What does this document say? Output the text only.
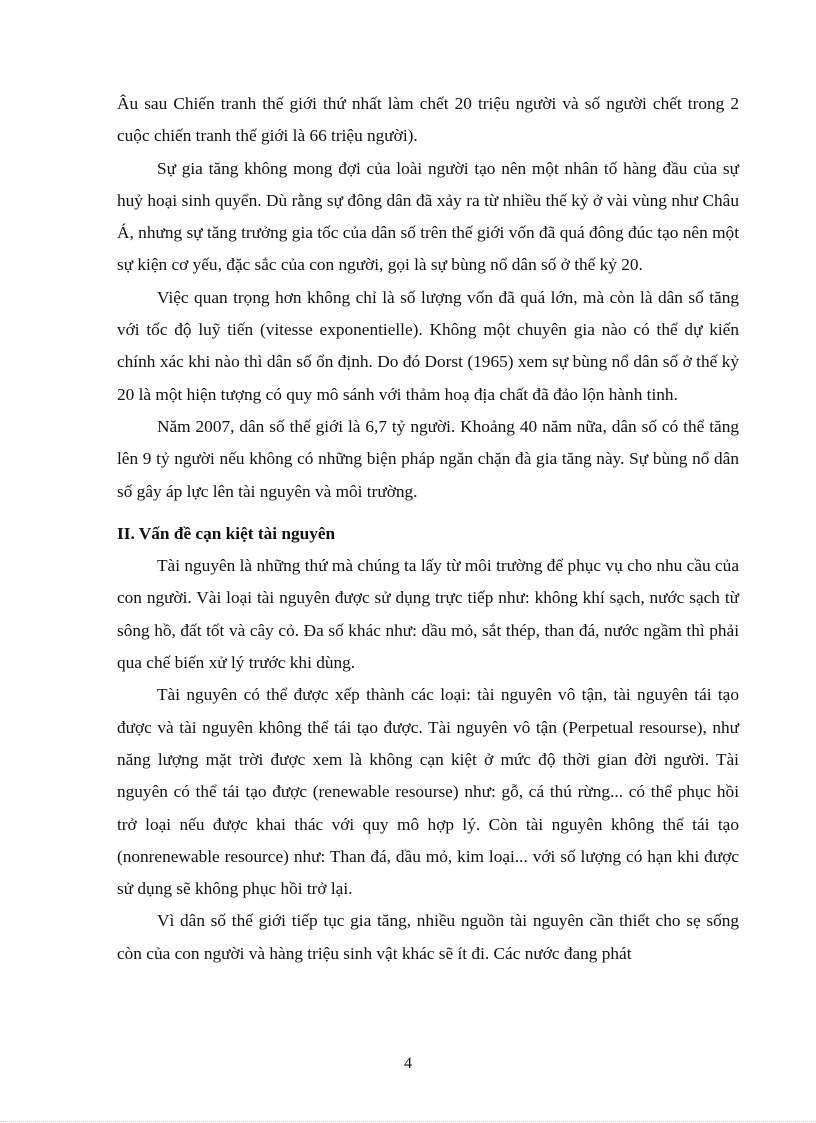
Âu sau Chiến tranh thế giới thứ nhất làm chết 20 triệu người và số người chết trong 2 cuộc chiến tranh thế giới là 66 triệu người).

Sự gia tăng không mong đợi của loài người tạo nên một nhân tố hàng đầu của sự huỷ hoại sinh quyển. Dù rằng sự đông dân đã xảy ra từ nhiều thế kỷ ở vài vùng như Châu Á, nhưng sự tăng trưởng gia tốc của dân số trên thế giới vốn đã quá đông đúc tạo nên một sự kiện cơ yếu, đặc sắc của con người, gọi là sự bùng nổ dân số ở thế kỷ 20.

Việc quan trọng hơn không chỉ là số lượng vốn đã quá lớn, mà còn là dân số tăng với tốc độ luỹ tiến (vitesse exponentielle). Không một chuyên gia nào có thể dự kiến chính xác khi nào thì dân số ổn định. Do đó Dorst (1965) xem sự bùng nổ dân số ở thế kỷ 20 là một hiện tượng có quy mô sánh với thảm hoạ địa chất đã đảo lộn hành tinh.

Năm 2007, dân số thế giới là 6,7 tỷ người. Khoảng 40 năm nữa, dân số có thể tăng lên 9 tỷ người nếu không có những biện pháp ngăn chặn đà gia tăng này. Sự bùng nổ dân số gây áp lực lên tài nguyên và môi trường.

II. Vấn đề cạn kiệt tài nguyên

Tài nguyên là những thứ mà chúng ta lấy từ môi trường để phục vụ cho nhu cầu của con người. Vài loại tài nguyên được sử dụng trực tiếp như: không khí sạch, nước sạch từ sông hồ, đất tốt và cây cỏ. Đa số khác như: dầu mỏ, sắt thép, than đá, nước ngầm thì phải qua chế biến xử lý trước khi dùng.

Tài nguyên có thể được xếp thành các loại: tài nguyên vô tận, tài nguyên tái tạo được và tài nguyên không thể tái tạo được. Tài nguyên vô tận (Perpetual resourse), như năng lượng mặt trời được xem là không cạn kiệt ở mức độ thời gian đời người. Tài nguyên có thể tái tạo được (renewable resourse) như: gỗ, cá thú rừng... có thể phục hồi trở loại nếu được khai thác với quy mô hợp lý. Còn tài nguyên không thể tái tạo (nonrenewable resource) như: Than đá, dầu mỏ, kim loại... với số lượng có hạn khi được sử dụng sẽ không phục hồi trở lại.

Vì dân số thế giới tiếp tục gia tăng, nhiều nguồn tài nguyên cần thiết cho sẹ sống còn của con người và hàng triệu sinh vật khác sẽ ít đi. Các nước đang phát

4
